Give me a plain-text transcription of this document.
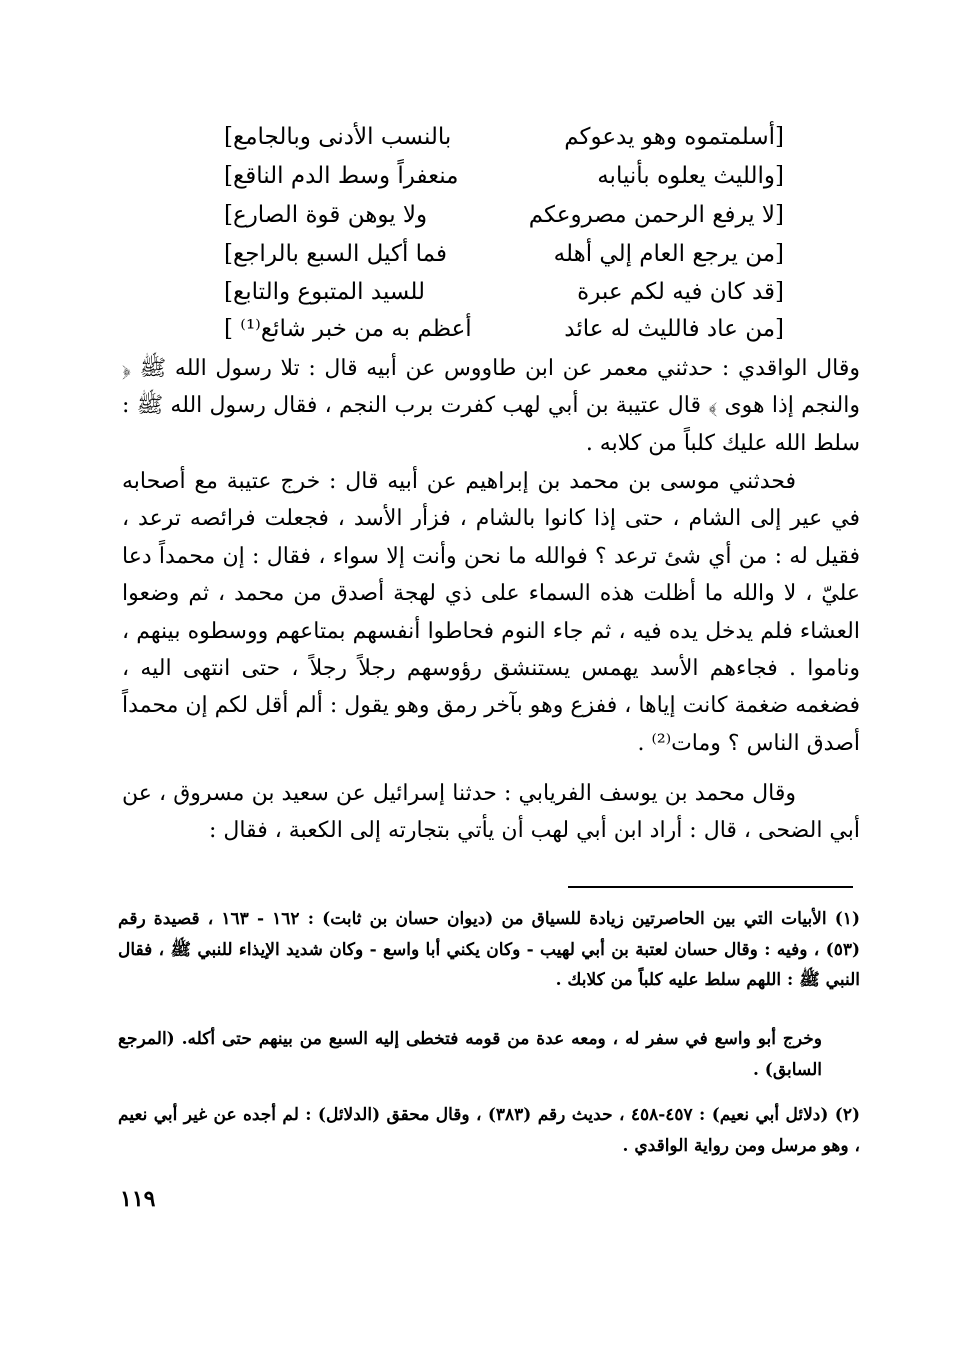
[أسلمتموه وهو يدعوكم
بالنسب الأدنى وبالجامع]
[والليث يعلوه بأنيابه
منعفراً وسط الدم الناقع]
[لا يرفع الرحمن مصروعكم
ولا يوهن قوة الصارع]
[من يرجع العام إلي أهله
فما أكيل السبع بالراجع]
[قد كان فيه لكم عبرة
للسيد المتبوع والتابع]
[من عاد فالليث له عائد
أعظم به من خبر شائع⁽¹⁾ ]

وقال الواقدي : حدثني معمر عن ابن طاووس عن أبيه قال : تلا رسول الله ﷺ ﴿ والنجم إذا هوى ﴾ قال عتيبة بن أبي لهب كفرت برب النجم ، فقال رسول الله ﷺ : سلط الله عليك كلباً من كلابه .

فحدثني موسى بن محمد بن إبراهيم عن أبيه قال : خرج عتيبة مع أصحابه في عير إلى الشام ، حتى إذا كانوا بالشام ، فزأر الأسد ، فجعلت فرائصه ترعد ، فقيل له : من أي شئ ترعد ؟ فوالله ما نحن وأنت إلا سواء ، فقال : إن محمداً دعا عليّ ، لا والله ما أظلت هذه السماء على ذي لهجة أصدق من محمد ، ثم وضعوا العشاء فلم يدخل يده فيه ، ثم جاء النوم فحاطوا أنفسهم بمتاعهم ووسطوه بينهم ، وناموا . فجاءهم الأسد يهمس يستنشق رؤوسهم رجلاً رجلاً ، حتى انتهى اليه ، فضغمه ضغمة كانت إياها ، ففزع وهو بآخر رمق وهو يقول : ألم أقل لكم إن محمداً أصدق الناس ؟ ومات⁽²⁾ .

وقال محمد بن يوسف الفريابي : حدثنا إسرائيل عن سعيد بن مسروق ، عن أبي الضحى ، قال : أراد ابن أبي لهب أن يأتي بتجارته إلى الكعبة ، فقال :

(١) الأبيات التي بين الحاصرتين زيادة للسياق من (ديوان حسان بن ثابت) : ١٦٢ - ١٦٣ ، قصيدة رقم (٥٣) ، وفيه : وقال حسان لعتبة بن أبي لهيب - وكان يكني أبا واسع - وكان شديد الإيذاء للنبي ﷺ ، فقال النبي ﷺ : اللهم سلط عليه كلباً من كلابك .

وخرج أبو واسع في سفر له ، ومعه عدة من قومه فتخطى إليه السبع من بينهم حتى أكله. (المرجع السابق) .

(٢) (دلائل أبي نعيم) : ٤٥٧-٤٥٨ ، حديث رقم (٣٨٣) ، وقال محقق (الدلائل) : لم أجده عن غير أبي نعيم ، وهو مرسل ومن رواية الواقدي .

١١٩
